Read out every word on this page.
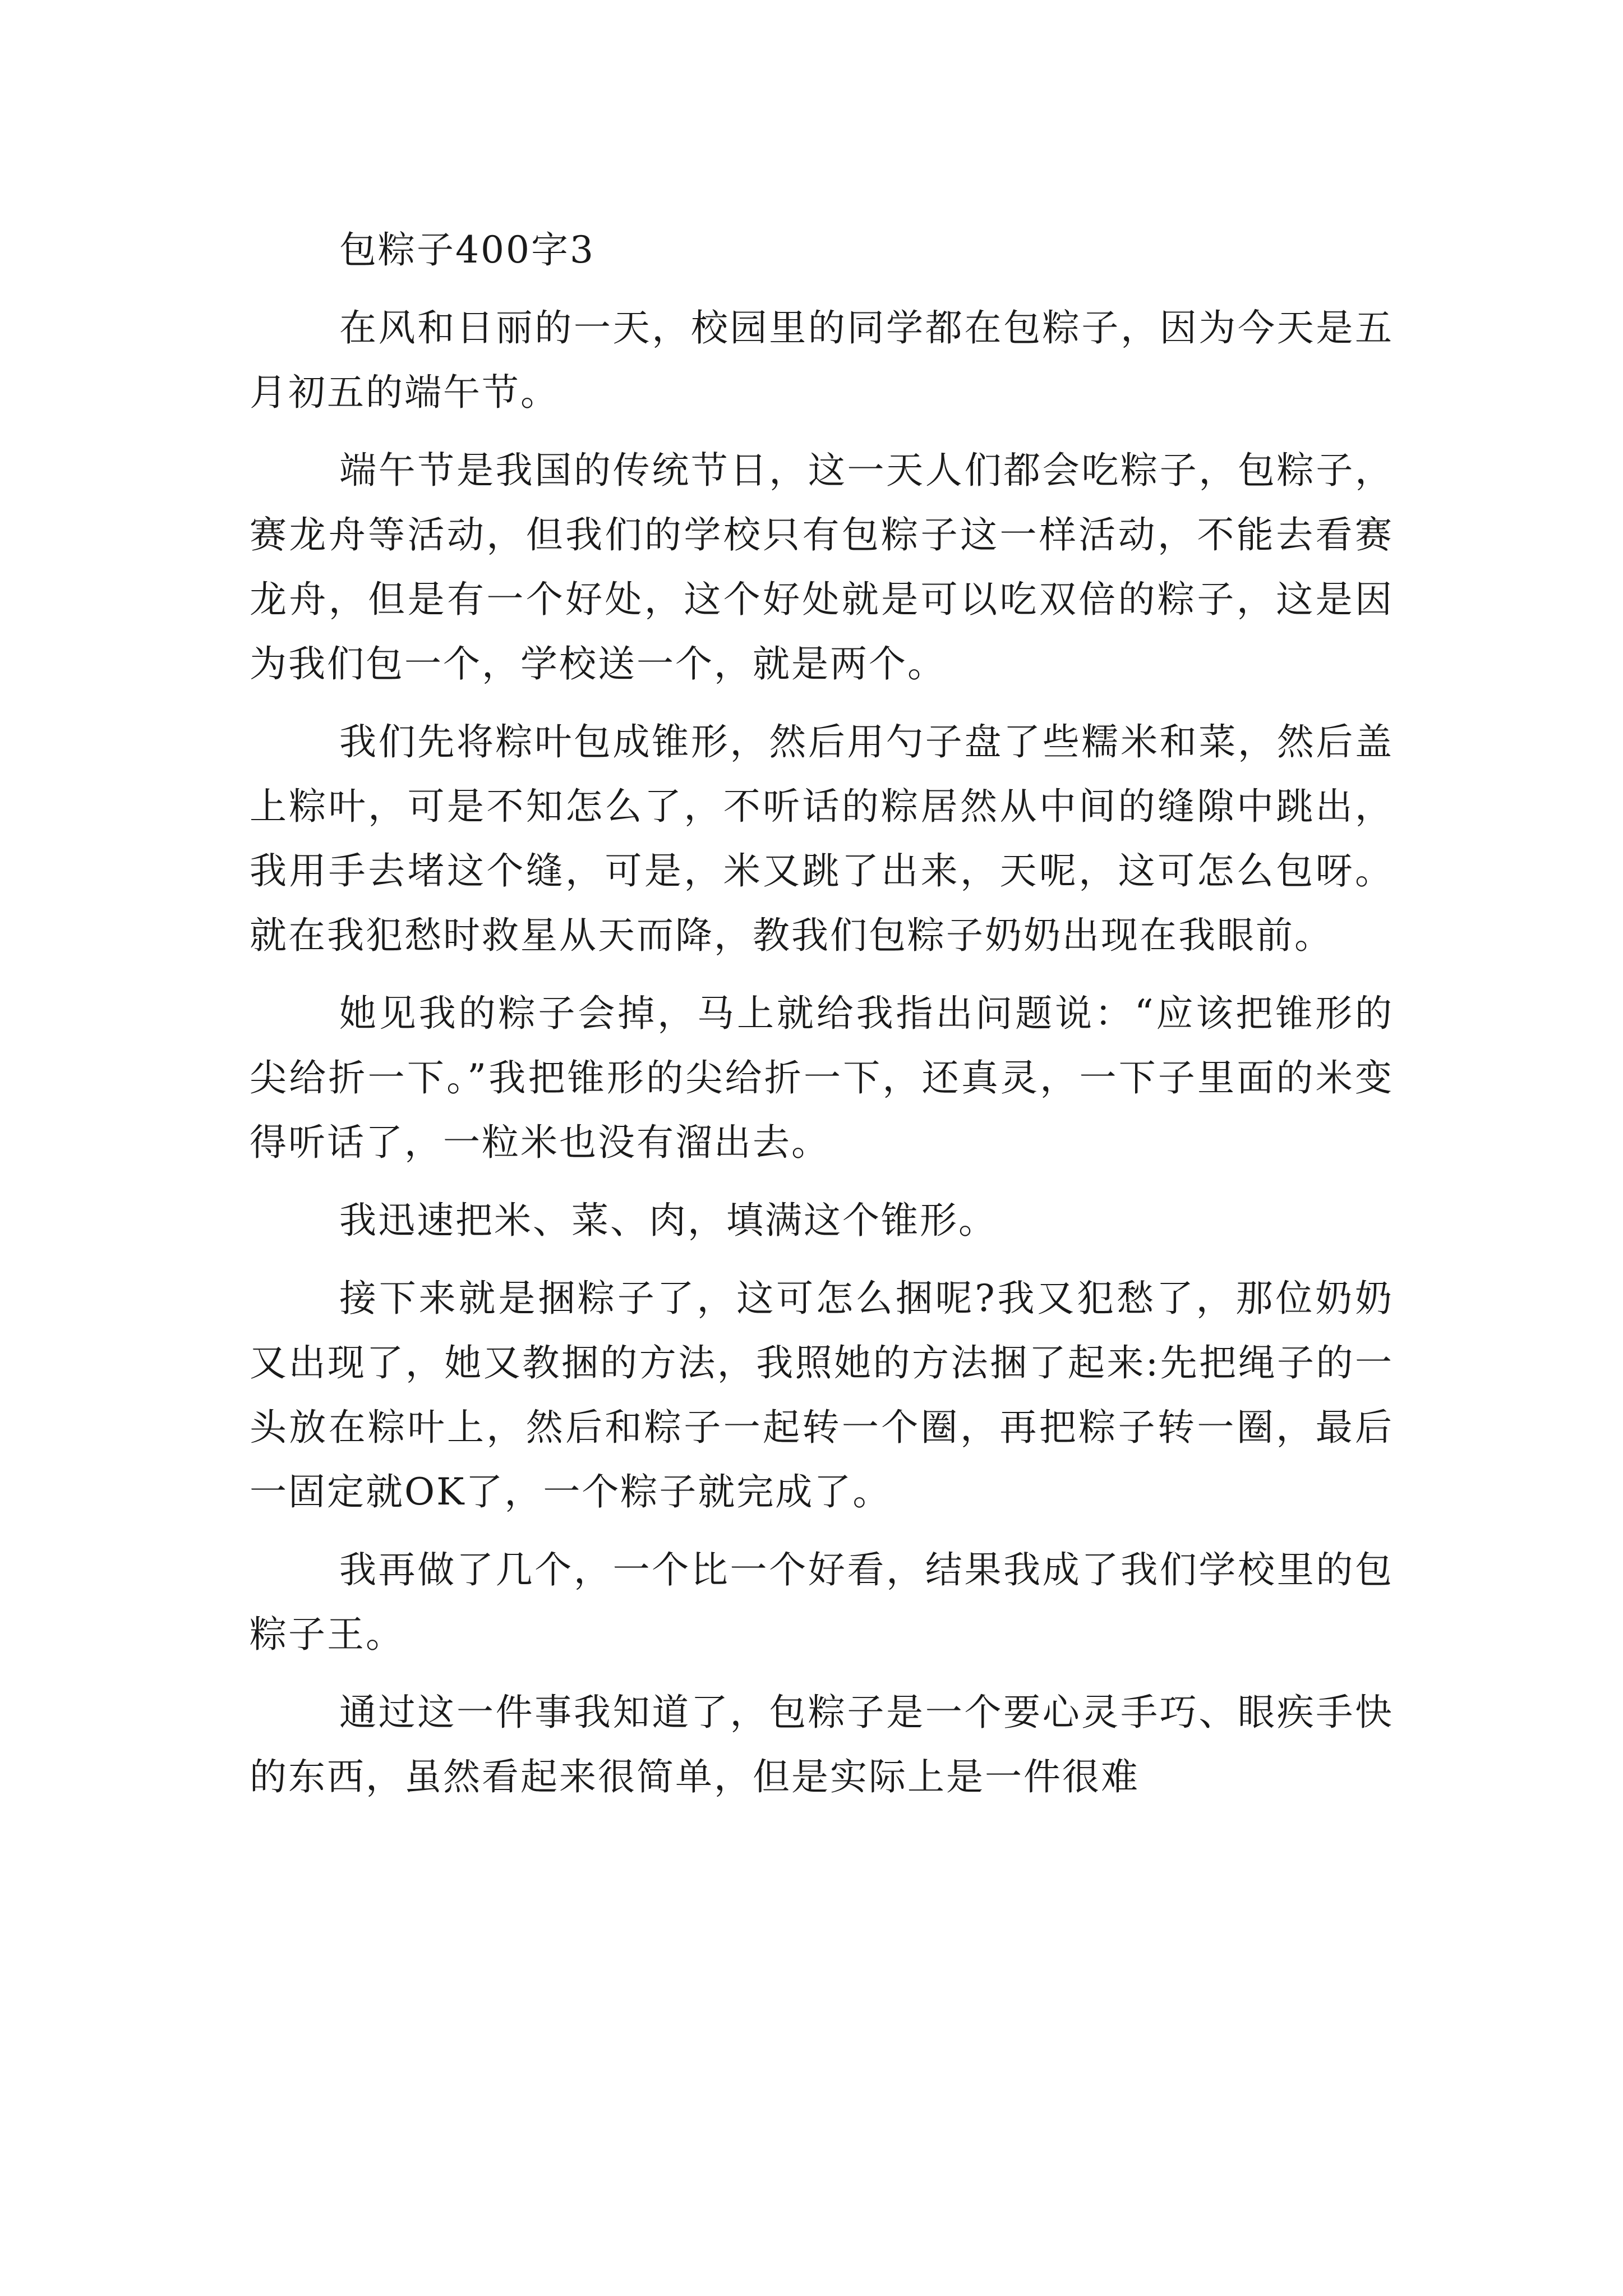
包粽子400字3

在风和日丽的一天，校园里的同学都在包粽子，因为今天是五月初五的端午节。

端午节是我国的传统节日，这一天人们都会吃粽子，包粽子，赛龙舟等活动，但我们的学校只有包粽子这一样活动，不能去看赛龙舟，但是有一个好处，这个好处就是可以吃双倍的粽子，这是因为我们包一个，学校送一个，就是两个。

我们先将粽叶包成锥形，然后用勺子盘了些糯米和菜，然后盖上粽叶，可是不知怎么了，不听话的粽居然从中间的缝隙中跳出，我用手去堵这个缝，可是，米又跳了出来，天呢，这可怎么包呀。就在我犯愁时救星从天而降，教我们包粽子奶奶出现在我眼前。

她见我的粽子会掉，马上就给我指出问题说：“应该把锥形的尖给折一下。”我把锥形的尖给折一下，还真灵，一下子里面的米变得听话了，一粒米也没有溜出去。

我迅速把米、菜、肉，填满这个锥形。

接下来就是捆粽子了，这可怎么捆呢?我又犯愁了，那位奶奶又出现了，她又教捆的方法，我照她的方法捆了起来:先把绳子的一头放在粽叶上，然后和粽子一起转一个圈，再把粽子转一圈，最后一固定就OK了，一个粽子就完成了。

我再做了几个，一个比一个好看，结果我成了我们学校里的包粽子王。

通过这一件事我知道了，包粽子是一个要心灵手巧、眼疾手快的东西，虽然看起来很简单，但是实际上是一件很难
